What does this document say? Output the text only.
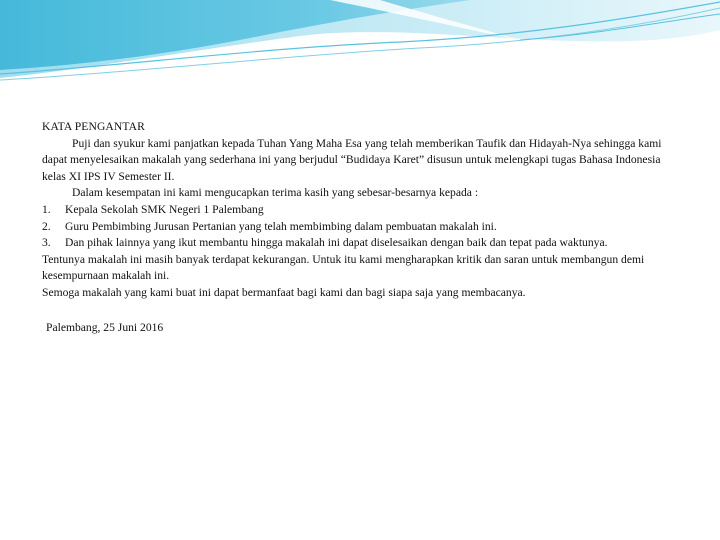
KATA PENGANTAR

Puji dan syukur kami panjatkan kepada Tuhan Yang Maha Esa yang telah memberikan Taufik dan Hidayah-Nya sehingga kami dapat menyelesaikan makalah yang sederhana ini yang berjudul “Budidaya Karet” disusun untuk melengkapi tugas Bahasa Indonesia kelas XI IPS IV Semester II.

Dalam kesempatan ini kami mengucapkan terima kasih yang sebesar-besarnya kepada :

1.	Kepala Sekolah SMK Negeri 1 Palembang
2.	Guru Pembimbing Jurusan Pertanian yang telah membimbing dalam pembuatan makalah ini.
3.	Dan pihak lainnya yang ikut membantu hingga makalah ini dapat diselesaikan dengan baik dan tepat pada waktunya.

Tentunya makalah ini masih banyak terdapat kekurangan. Untuk itu kami mengharapkan kritik dan saran untuk membangun demi kesempurnaan makalah ini.

Semoga makalah yang kami buat ini dapat bermanfaat bagi kami dan bagi siapa saja yang membacanya.

Palembang, 25 Juni 2016
